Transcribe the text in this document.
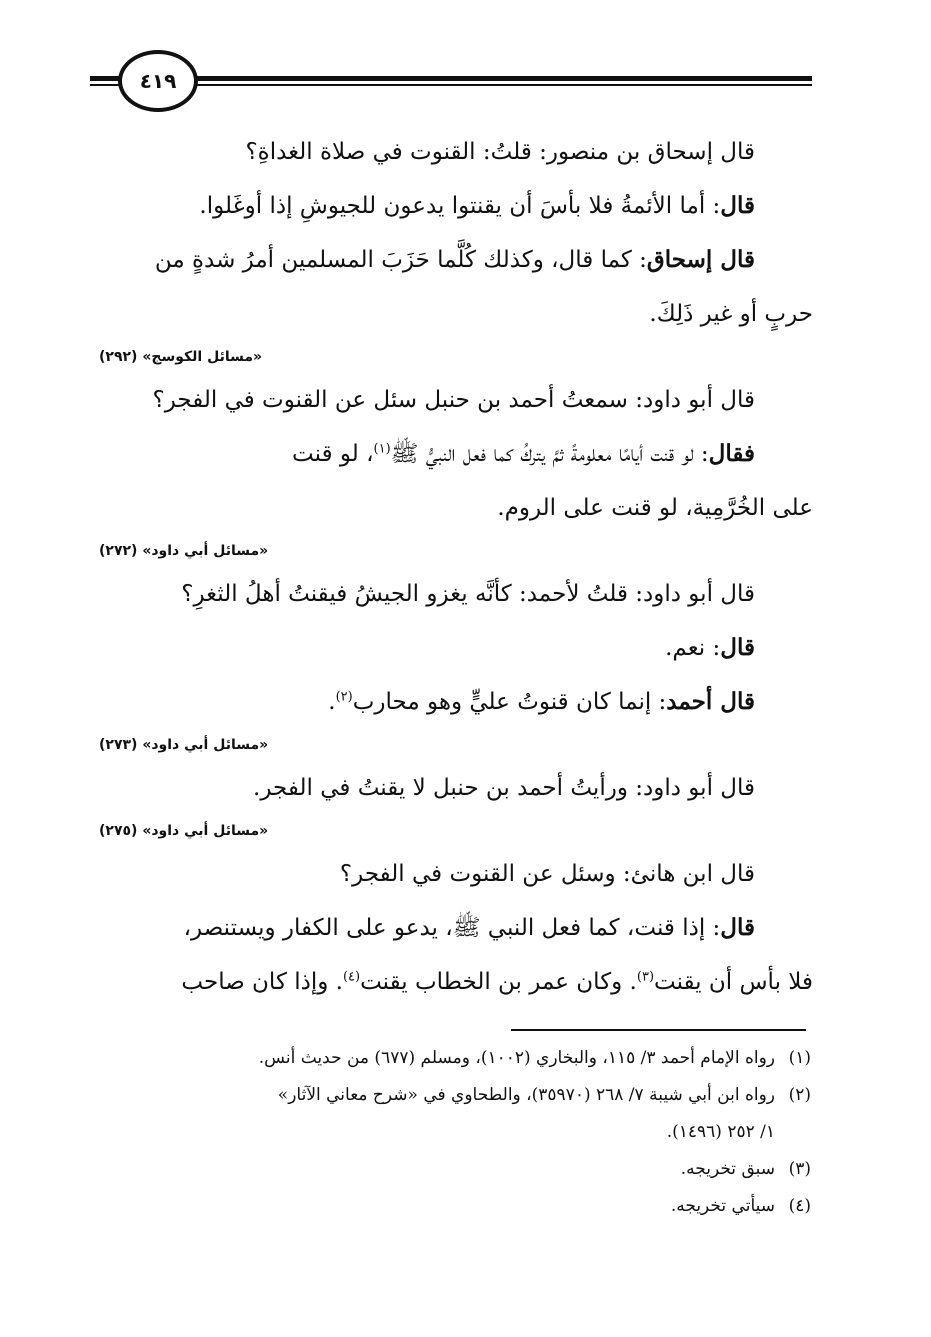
٤١٩
قال إسحاق بن منصور: قلتُ: القنوت في صلاة الغداةِ؟
قال: أما الأئمةُ فلا بأسَ أن يقنتوا يدعون للجيوشِ إذا أوغَلوا.
قال إسحاق: كما قال، وكذلك كُلَّما حَزَبَ المسلمين أمرُ شدةٍ من
حربٍ أو غير ذَلِكَ.
«مسائل الكوسج» (٢٩٢)
قال أبو داود: سمعتُ أحمد بن حنبل سئل عن القنوت في الفجر؟
فقال: لو قنت أيامًا معلومةً ثمَّ يتركُ كما فعل النبيُّ ﷺ$^{(١)}$، لو قنت
على الخُرَّمِية، لو قنت على الروم.
«مسائل أبي داود» (٢٧٢)
قال أبو داود: قلتُ لأحمد: كأنَّه يغزو الجيشُ فيقنتُ أهلُ الثغرِ؟
قال: نعم.
قال أحمد: إنما كان قنوتُ عليٍّ وهو محارب$^{(٢)}$.
«مسائل أبي داود» (٢٧٣)
قال أبو داود: ورأيتُ أحمد بن حنبل لا يقنتُ في الفجر.
«مسائل أبي داود» (٢٧٥)
قال ابن هانئ: وسئل عن القنوت في الفجر؟
قال: إذا قنت، كما فعل النبي ﷺ، يدعو على الكفار ويستنصر،
فلا بأس أن يقنت$^{(٣)}$. وكان عمر بن الخطاب يقنت$^{(٤)}$. وإذا كان صاحب
(١)
رواه الإمام أحمد ٣/ ١١٥، والبخاري (١٠٠٢)، ومسلم (٦٧٧) من حديث أنس.
(٢)
رواه ابن أبي شيبة ٧/ ٢٦٨ (٣٥٩٧٠)، والطحاوي في «شرح معاني الآثار»
١/ ٢٥٢ (١٤٩٦).
(٣)
سبق تخريجه.
(٤)
سيأتي تخريجه.
